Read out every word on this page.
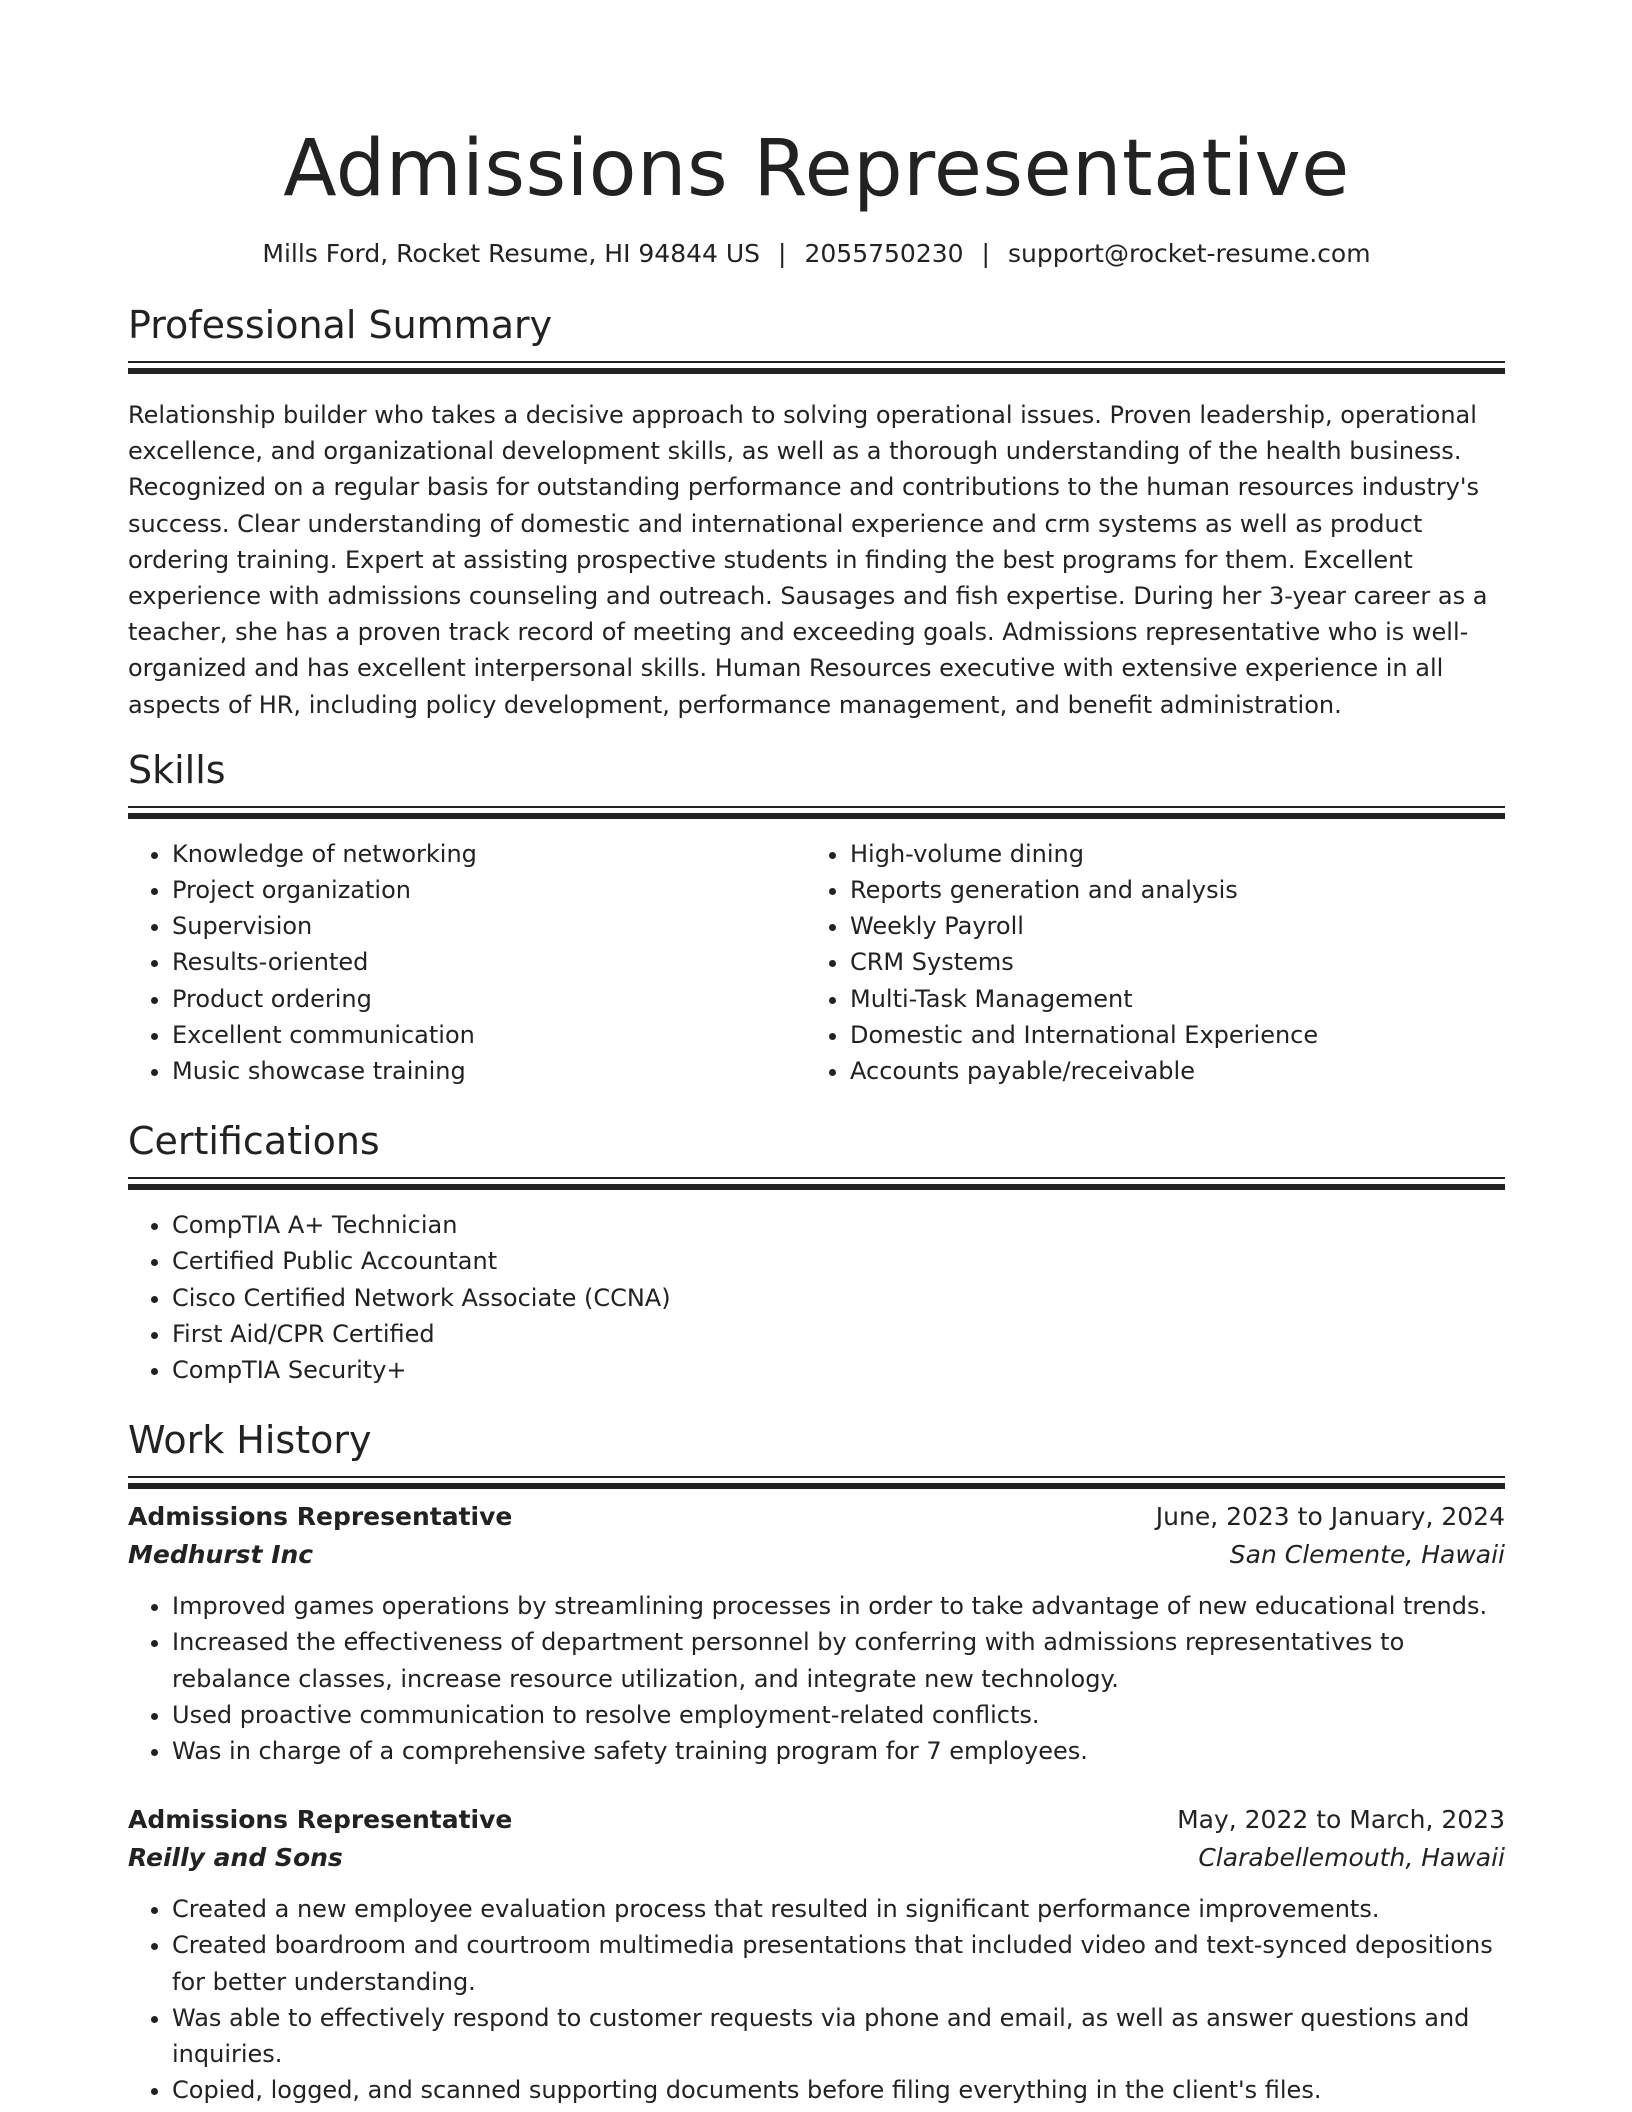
Admissions Representative
Mills Ford, Rocket Resume, HI 94844 US | 2055750230 | support@rocket-resume.com
Professional Summary
Relationship builder who takes a decisive approach to solving operational issues. Proven leadership, operational excellence, and organizational development skills, as well as a thorough understanding of the health business. Recognized on a regular basis for outstanding performance and contributions to the human resources industry's success. Clear understanding of domestic and international experience and crm systems as well as product ordering training. Expert at assisting prospective students in finding the best programs for them. Excellent experience with admissions counseling and outreach. Sausages and fish expertise. During her 3-year career as a teacher, she has a proven track record of meeting and exceeding goals. Admissions representative who is well-organized and has excellent interpersonal skills. Human Resources executive with extensive experience in all aspects of HR, including policy development, performance management, and benefit administration.
Skills
• Knowledge of networking
• Project organization
• Supervision
• Results-oriented
• Product ordering
• Excellent communication
• Music showcase training
• High-volume dining
• Reports generation and analysis
• Weekly Payroll
• CRM Systems
• Multi-Task Management
• Domestic and International Experience
• Accounts payable/receivable
Certifications
• CompTIA A+ Technician
• Certified Public Accountant
• Cisco Certified Network Associate (CCNA)
• First Aid/CPR Certified
• CompTIA Security+
Work History
Admissions Representative	June, 2023 to January, 2024
Medhurst Inc	San Clemente, Hawaii
• Improved games operations by streamlining processes in order to take advantage of new educational trends.
• Increased the effectiveness of department personnel by conferring with admissions representatives to rebalance classes, increase resource utilization, and integrate new technology.
• Used proactive communication to resolve employment-related conflicts.
• Was in charge of a comprehensive safety training program for 7 employees.
Admissions Representative	May, 2022 to March, 2023
Reilly and Sons	Clarabellemouth, Hawaii
• Created a new employee evaluation process that resulted in significant performance improvements.
• Created boardroom and courtroom multimedia presentations that included video and text-synced depositions for better understanding.
• Was able to effectively respond to customer requests via phone and email, as well as answer questions and inquiries.
• Copied, logged, and scanned supporting documents before filing everything in the client's files.
